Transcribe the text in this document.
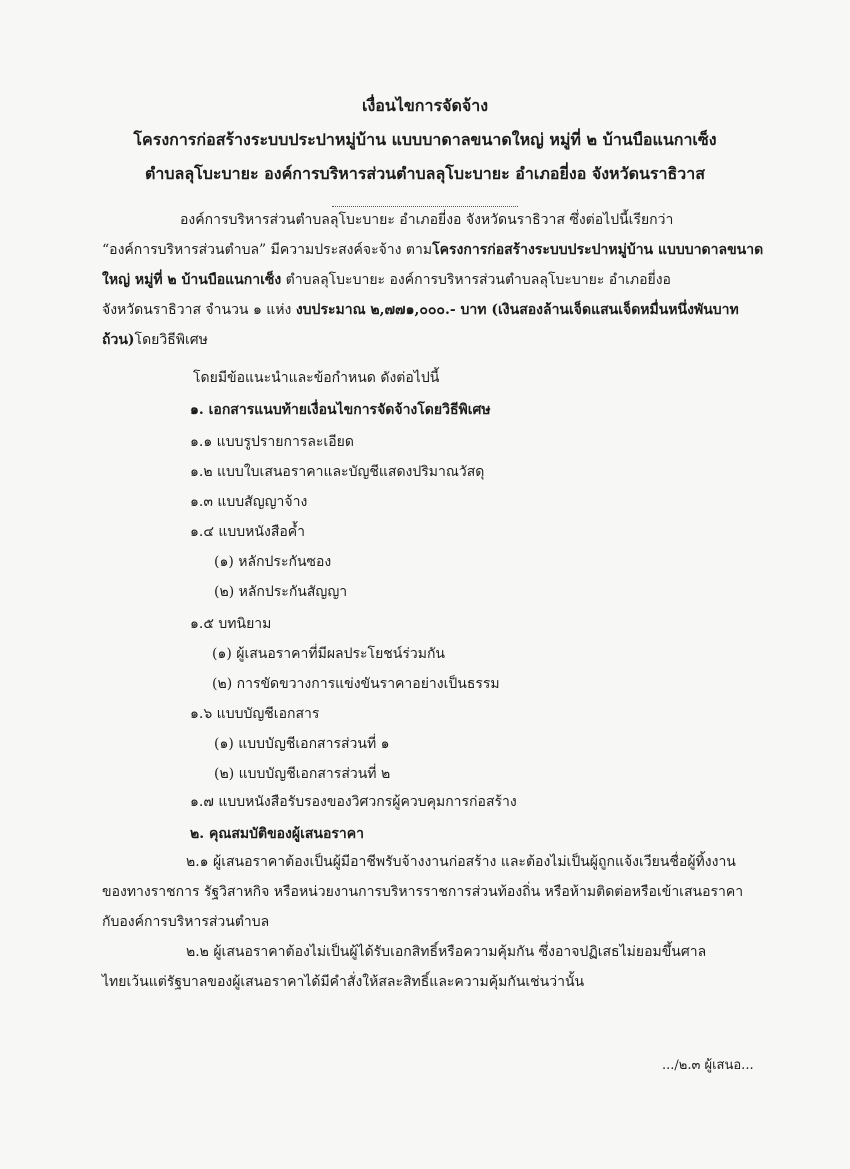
เงื่อนไขการจัดจ้าง
โครงการก่อสร้างระบบประปาหมู่บ้าน แบบบาดาลขนาดใหญ่ หมู่ที่ ๒ บ้านบือแนกาเซ็ง
ตำบลลุโบะบายะ องค์การบริหารส่วนตำบลลุโบะบายะ อำเภอยี่งอ จังหวัดนราธิวาส
องค์การบริหารส่วนตำบลลุโบะบายะ อำเภอยี่งอ จังหวัดนราธิวาส ซึ่งต่อไปนี้เรียกว่า
“องค์การบริหารส่วนตำบล” มีความประสงค์จะจ้าง ตามโครงการก่อสร้างระบบประปาหมู่บ้าน แบบบาดาลขนาด
ใหญ่ หมู่ที่ ๒ บ้านบือแนกาเซ็ง ตำบลลุโบะบายะ องค์การบริหารส่วนตำบลลุโบะบายะ อำเภอยี่งอ
จังหวัดนราธิวาส จำนวน ๑ แห่ง งบประมาณ ๒,๗๗๑,๐๐๐.- บาท (เงินสองล้านเจ็ดแสนเจ็ดหมื่นหนึ่งพันบาท
ถ้วน)โดยวิธีพิเศษ
โดยมีข้อแนะนำและข้อกำหนด ดังต่อไปนี้
๑. เอกสารแนบท้ายเงื่อนไขการจัดจ้างโดยวิธีพิเศษ
๑.๑ แบบรูปรายการละเอียด
๑.๒ แบบใบเสนอราคาและบัญชีแสดงปริมาณวัสดุ
๑.๓ แบบสัญญาจ้าง
๑.๔ แบบหนังสือค้ำ
(๑) หลักประกันซอง
(๒) หลักประกันสัญญา
๑.๕ บทนิยาม
(๑) ผู้เสนอราคาที่มีผลประโยชน์ร่วมกัน
(๒) การขัดขวางการแข่งขันราคาอย่างเป็นธรรม
๑.๖ แบบบัญชีเอกสาร
(๑) แบบบัญชีเอกสารส่วนที่ ๑
(๒) แบบบัญชีเอกสารส่วนที่ ๒
๑.๗ แบบหนังสือรับรองของวิศวกรผู้ควบคุมการก่อสร้าง
๒. คุณสมบัติของผู้เสนอราคา
๒.๑ ผู้เสนอราคาต้องเป็นผู้มีอาชีพรับจ้างงานก่อสร้าง และต้องไม่เป็นผู้ถูกแจ้งเวียนชื่อผู้ทิ้งงาน
ของทางราชการ รัฐวิสาหกิจ หรือหน่วยงานการบริหารราชการส่วนท้องถิ่น หรือห้ามติดต่อหรือเข้าเสนอราคา
กับองค์การบริหารส่วนตำบล
๒.๒ ผู้เสนอราคาต้องไม่เป็นผู้ได้รับเอกสิทธิ์หรือความคุ้มกัน ซึ่งอาจปฏิเสธไม่ยอมขึ้นศาล
ไทยเว้นแต่รัฐบาลของผู้เสนอราคาได้มีคำสั่งให้สละสิทธิ์และความคุ้มกันเช่นว่านั้น
.../๒.๓ ผู้เสนอ...
